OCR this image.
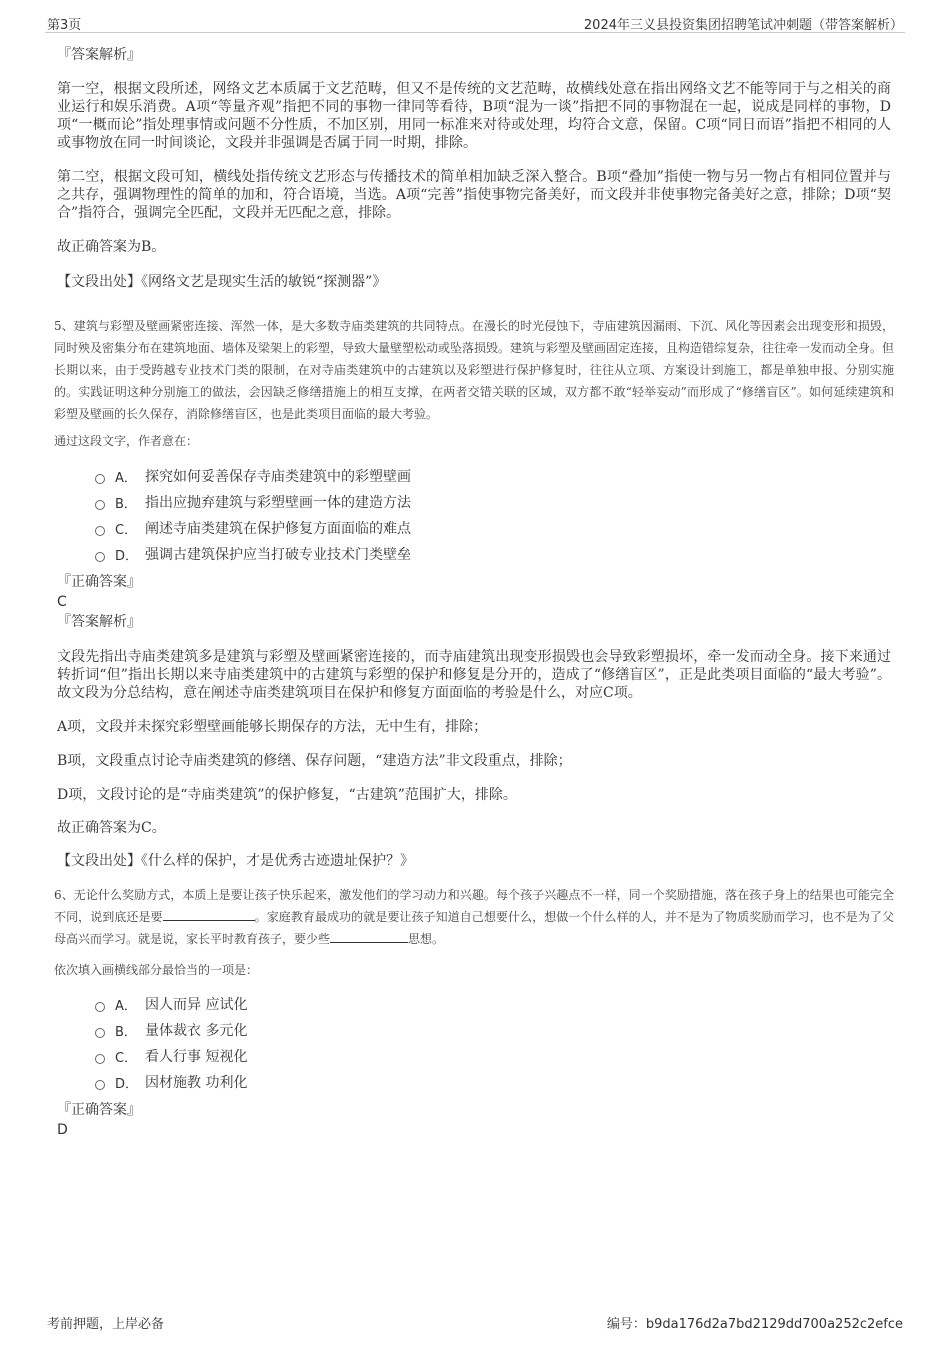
第3页	2024年三义县投资集团招聘笔试冲刺题（带答案解析）
『答案解析』

第一空，根据文段所述，网络文艺本质属于文艺范畴，但又不是传统的文艺范畴，故横线处意在指出网络文艺不能等同于与之相关的商业运行和娱乐消费。A项“等量齐观”指把不同的事物一律同等看待，B项“混为一谈”指把不同的事物混在一起，说成是同样的事物，D项“一概而论”指处理事情或问题不分性质，不加区别，用同一标准来对待或处理，均符合文意，保留。C项“同日而语”指把不相同的人或事物放在同一时间谈论，文段并非强调是否属于同一时期，排除。

第二空，根据文段可知，横线处指传统文艺形态与传播技术的简单相加缺乏深入整合。B项“叠加”指使一物与另一物占有相同位置并与之共存，强调物理性的简单的加和，符合语境，当选。A项“完善”指使事物完备美好，而文段并非使事物完备美好之意，排除；D项“契合”指符合，强调完全匹配，文段并无匹配之意，排除。

故正确答案为B。

【文段出处】《网络文艺是现实生活的敏锐“探测器”》

5、建筑与彩塑及壁画紧密连接、浑然一体，是大多数寺庙类建筑的共同特点。在漫长的时光侵蚀下，寺庙建筑因漏雨、下沉、风化等因素会出现变形和损毁，同时殃及密集分布在建筑地面、墙体及梁架上的彩塑，导致大量壁塑松动或坠落损毁。建筑与彩塑及壁画固定连接，且构造错综复杂，往往牵一发而动全身。但长期以来，由于受跨越专业技术门类的限制，在对寺庙类建筑中的古建筑以及彩塑进行保护修复时，往往从立项、方案设计到施工，都是单独申报、分别实施的。实践证明这种分别施工的做法，会因缺乏修缮措施上的相互支撑，在两者交错关联的区域，双方都不敢“轻举妄动”而形成了“修缮盲区”。如何延续建筑和彩塑及壁画的长久保存，消除修缮盲区，也是此类项目面临的最大考验。

通过这段文字，作者意在：

A． 探究如何妥善保存寺庙类建筑中的彩塑壁画
B． 指出应抛弃建筑与彩塑壁画一体的建造方法
C． 阐述寺庙类建筑在保护修复方面面临的难点
D． 强调古建筑保护应当打破专业技术门类壁垒
『正确答案』
C
『答案解析』

文段先指出寺庙类建筑多是建筑与彩塑及壁画紧密连接的，而寺庙建筑出现变形损毁也会导致彩塑损坏，牵一发而动全身。接下来通过转折词“但”指出长期以来寺庙类建筑中的古建筑与彩塑的保护和修复是分开的，造成了“修缮盲区”，正是此类项目面临的“最大考验”。故文段为分总结构，意在阐述寺庙类建筑项目在保护和修复方面面临的考验是什么，对应C项。

A项，文段并未探究彩塑壁画能够长期保存的方法，无中生有，排除；

B项，文段重点讨论寺庙类建筑的修缮、保存问题，“建造方法”非文段重点，排除；

D项，文段讨论的是“寺庙类建筑”的保护修复，“古建筑”范围扩大，排除。

故正确答案为C。

【文段出处】《什么样的保护，才是优秀古迹遗址保护？》

6、无论什么奖励方式，本质上是要让孩子快乐起来，激发他们的学习动力和兴趣。每个孩子兴趣点不一样，同一个奖励措施，落在孩子身上的结果也可能完全不同，说到底还是要	。家庭教育最成功的就是要让孩子知道自己想要什么，想做一个什么样的人，并不是为了物质奖励而学习，也不是为了父母高兴而学习。就是说，家长平时教育孩子，要少些	思想。

依次填入画横线部分最恰当的一项是：

A． 因人而异 应试化
B． 量体裁衣 多元化
C． 看人行事 短视化
D． 因材施教 功利化
『正确答案』
D
考前押题，上岸必备	编号：b9da176d2a7bd2129dd700a252c2efce
